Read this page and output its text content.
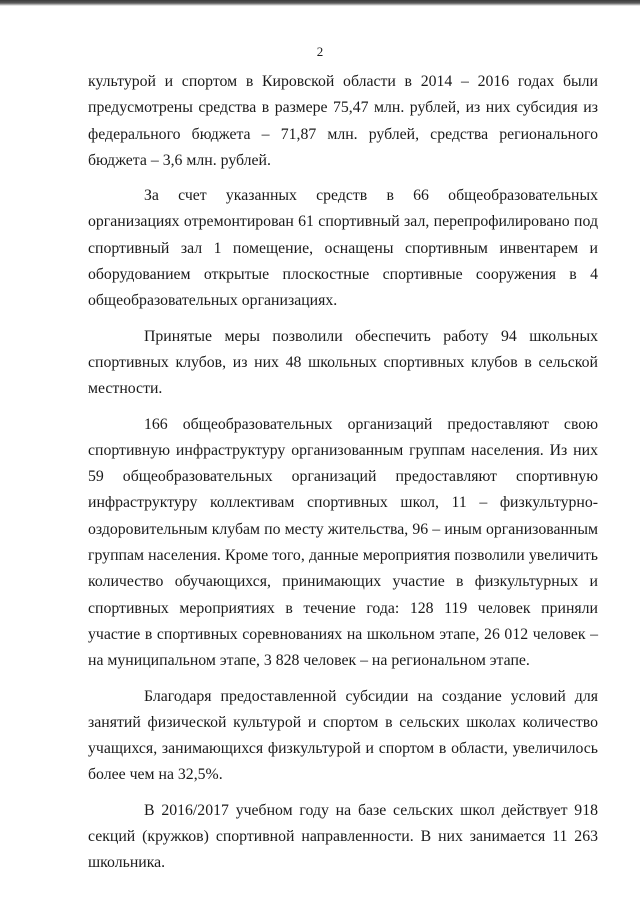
2

культурой и спортом в Кировской области в 2014 – 2016 годах были предусмотрены средства в размере 75,47 млн. рублей, из них субсидия из федерального бюджета – 71,87 млн. рублей, средства регионального бюджета – 3,6 млн. рублей.

За счет указанных средств в 66 общеобразовательных организациях отремонтирован 61 спортивный зал, перепрофилировано под спортивный зал 1 помещение, оснащены спортивным инвентарем и оборудованием открытые плоскостные спортивные сооружения в 4 общеобразовательных организациях.

Принятые меры позволили обеспечить работу 94 школьных спортивных клубов, из них 48 школьных спортивных клубов в сельской местности.

166 общеобразовательных организаций предоставляют свою спортивную инфраструктуру организованным группам населения. Из них 59 общеобразовательных организаций предоставляют спортивную инфраструктуру коллективам спортивных школ, 11 – физкультурно-оздоровительным клубам по месту жительства, 96 – иным организованным группам населения. Кроме того, данные мероприятия позволили увеличить количество обучающихся, принимающих участие в физкультурных и спортивных мероприятиях в течение года: 128 119 человек приняли участие в спортивных соревнованиях на школьном этапе, 26 012 человек – на муниципальном этапе, 3 828 человек – на региональном этапе.

Благодаря предоставленной субсидии на создание условий для занятий физической культурой и спортом в сельских школах количество учащихся, занимающихся физкультурой и спортом в области, увеличилось более чем на 32,5%.

В 2016/2017 учебном году на базе сельских школ действует 918 секций (кружков) спортивной направленности. В них занимается 11 263 школьника.
